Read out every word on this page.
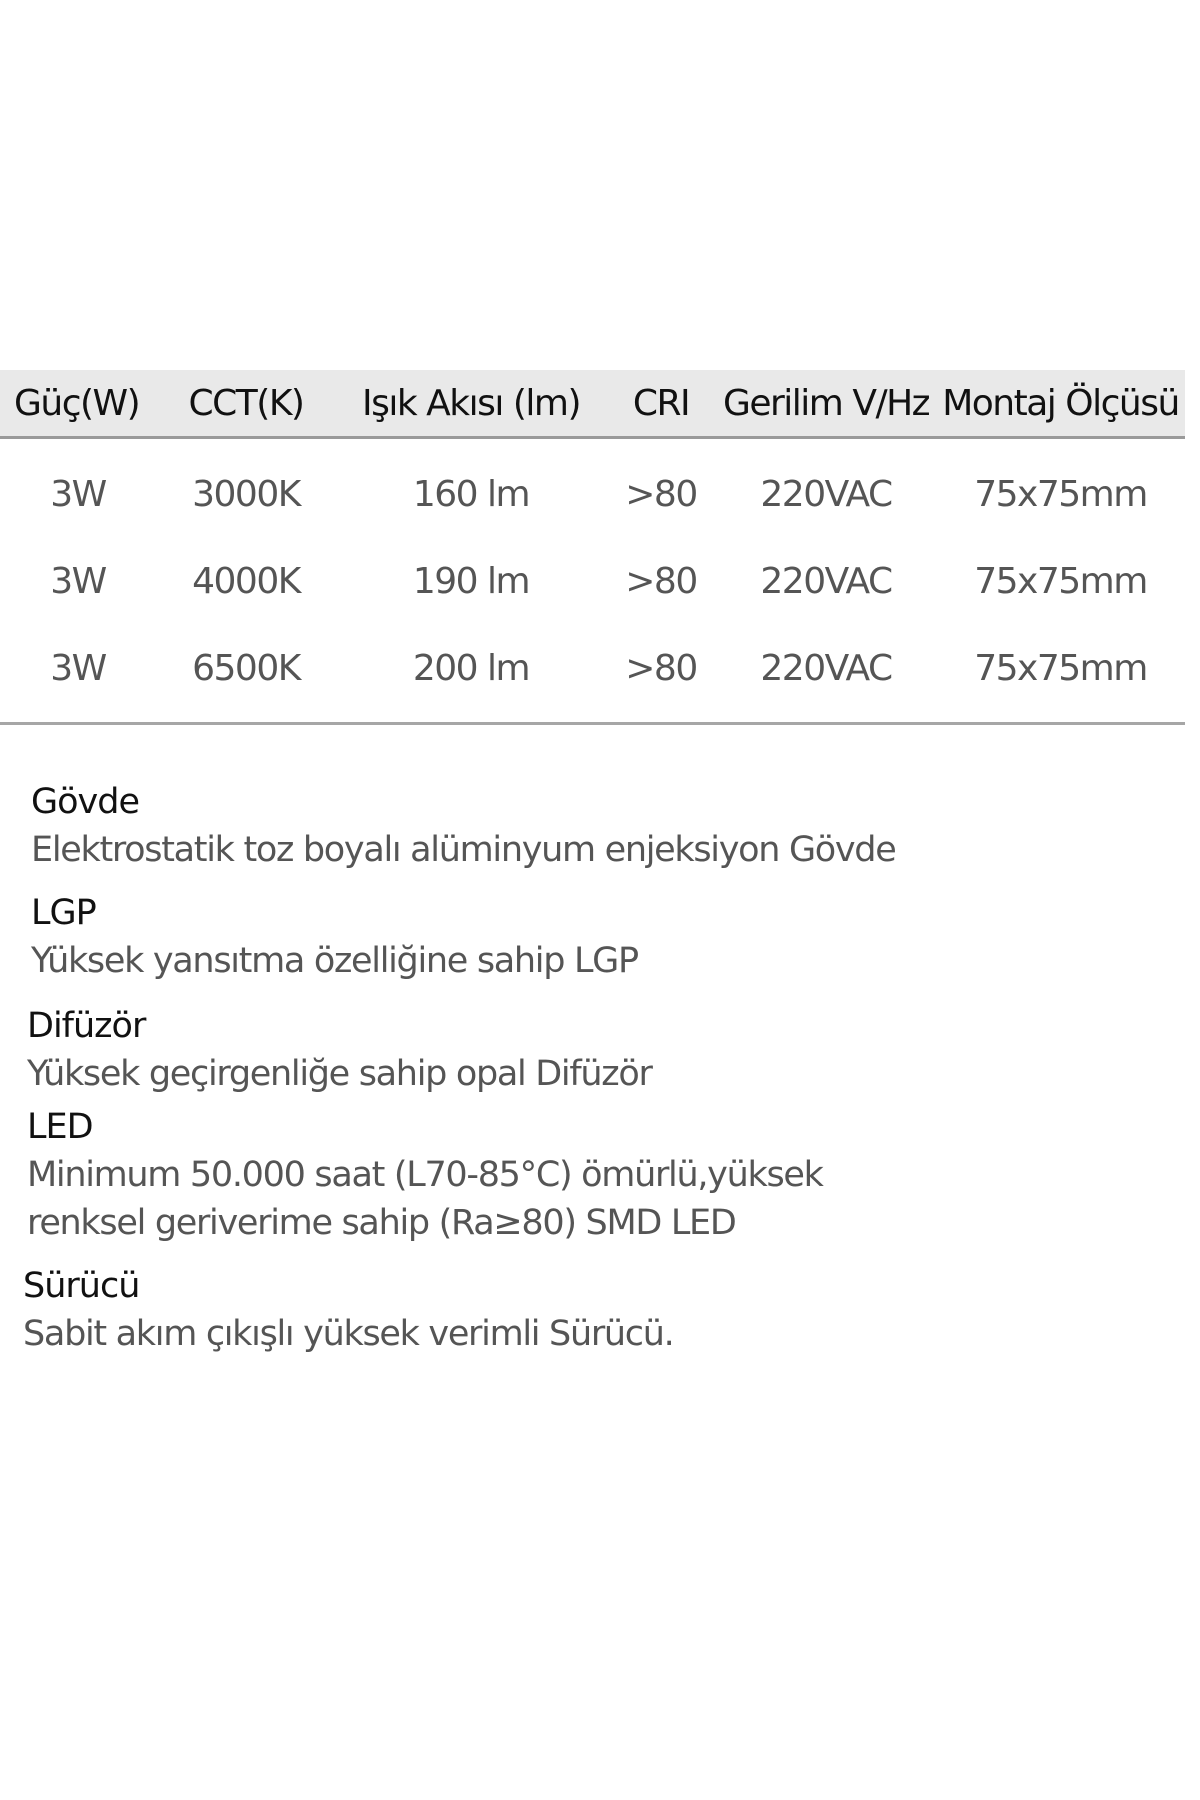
Güç(W)	CCT(K)	Işık Akısı (lm)	CRI	Gerilim V/Hz	Montaj Ölçüsü
3W	3000K	160 lm	>80	220VAC	75x75mm
3W	4000K	190 lm	>80	220VAC	75x75mm
3W	6500K	200 lm	>80	220VAC	75x75mm
Gövde
Elektrostatik toz boyalı alüminyum enjeksiyon Gövde
LGP
Yüksek yansıtma özelliğine sahip LGP
Difüzör
Yüksek geçirgenliğe sahip opal Difüzör
LED
Minimum 50.000 saat (L70-85°C) ömürlü,yüksek
renksel geriverime sahip (Ra≥80) SMD LED
Sürücü
Sabit akım çıkışlı yüksek verimli Sürücü.
